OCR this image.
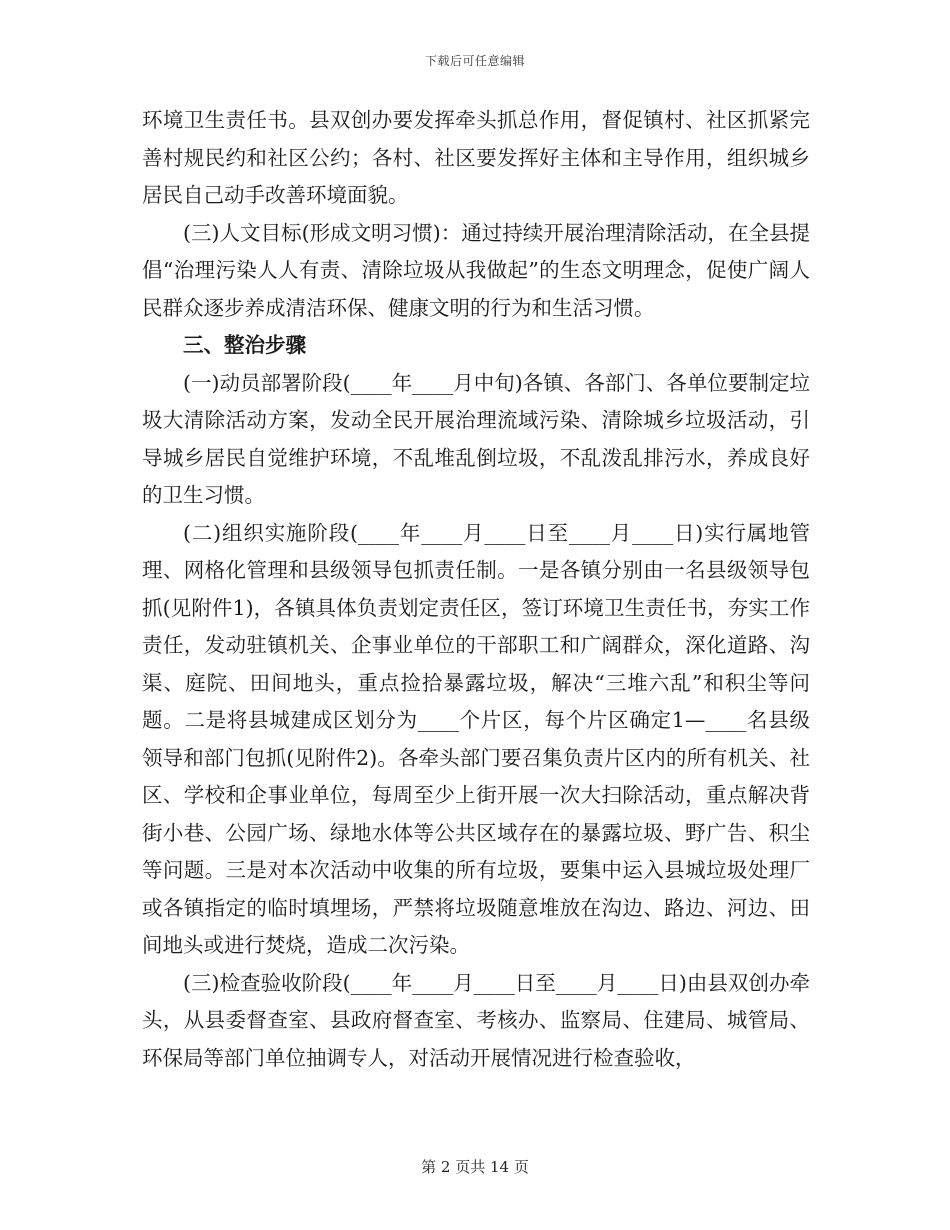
下载后可任意编辑

环境卫生责任书。县双创办要发挥牵头抓总作用，督促镇村、社区抓紧完善村规民约和社区公约；各村、社区要发挥好主体和主导作用，组织城乡居民自己动手改善环境面貌。

(三)人文目标(形成文明习惯)：通过持续开展治理清除活动，在全县提倡“治理污染人人有责、清除垃圾从我做起”的生态文明理念，促使广阔人民群众逐步养成清洁环保、健康文明的行为和生活习惯。

三、整治步骤

(一)动员部署阶段(____年____月中旬)各镇、各部门、各单位要制定垃圾大清除活动方案，发动全民开展治理流域污染、清除城乡垃圾活动，引导城乡居民自觉维护环境，不乱堆乱倒垃圾，不乱泼乱排污水，养成良好的卫生习惯。

(二)组织实施阶段(____年____月____日至____月____日)实行属地管理、网格化管理和县级领导包抓责任制。一是各镇分别由一名县级领导包抓(见附件1)，各镇具体负责划定责任区，签订环境卫生责任书，夯实工作责任，发动驻镇机关、企事业单位的干部职工和广阔群众，深化道路、沟渠、庭院、田间地头，重点捡拾暴露垃圾，解决“三堆六乱”和积尘等问题。二是将县城建成区划分为____个片区，每个片区确定1—____名县级领导和部门包抓(见附件2)。各牵头部门要召集负责片区内的所有机关、社区、学校和企事业单位，每周至少上街开展一次大扫除活动，重点解决背街小巷、公园广场、绿地水体等公共区域存在的暴露垃圾、野广告、积尘等问题。三是对本次活动中收集的所有垃圾，要集中运入县城垃圾处理厂或各镇指定的临时填埋场，严禁将垃圾随意堆放在沟边、路边、河边、田间地头或进行焚烧，造成二次污染。

(三)检查验收阶段(____年____月____日至____月____日)由县双创办牵头，从县委督查室、县政府督查室、考核办、监察局、住建局、城管局、环保局等部门单位抽调专人，对活动开展情况进行检查验收，

第 2 页共 14 页
